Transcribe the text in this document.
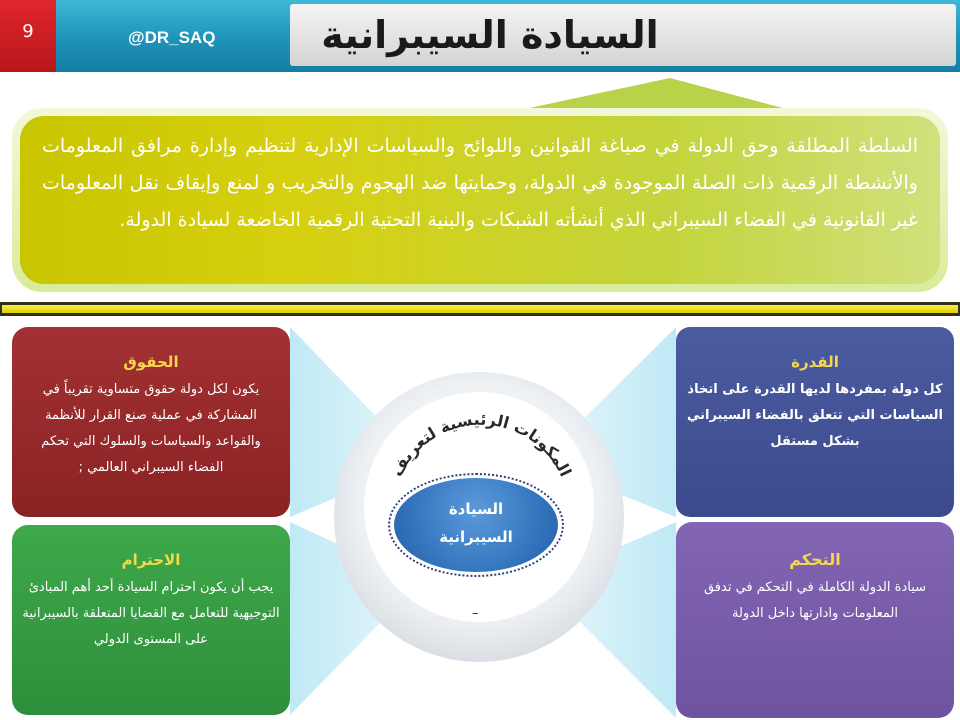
9	@DR_SAQ	السيادة السيبرانية
السلطة المطلقة وحق الدولة في صياغة القوانين واللوائح والسياسات الإدارية لتنظيم وإدارة مرافق المعلومات والأنشطة الرقمية ذات الصلة الموجودة في الدولة، وحمايتها ضد الهجوم والتخريب و لمنع وإيقاف نقل المعلومات غير القانونية في الفضاء السيبراني الذي أنشأته الشبكات والبنية التحتية الرقمية الخاضعة لسيادة الدولة.
الحقوق
يكون لكل دولة حقوق متساوية تقريباً في المشاركة في عملية صنع القرار للأنظمة والقواعد والسياسات والسلوك التي تحكم الفضاء السيبراني العالمي ;
القدرة
كل دولة بمفردها لديها القدرة على اتخاذ السياسات التي تتعلق بالفضاء السيبراني بشكل مستقل
الاحترام
يجب أن يكون احترام السيادة أحد أهم المبادئ التوجيهية للتعامل مع القضايا المتعلقة بالسيبرانية على المستوى الدولي
التحكم
سيادة الدولة الكاملة في التحكم في تدفق المعلومات وادارتها داخل الدولة
المكونات الرئيسية لتعريف
السيادة
السيبرانية
–
